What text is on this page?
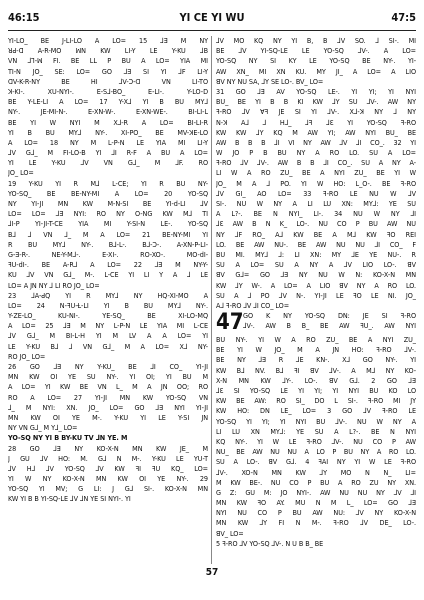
46:15	YI CE YI WU	47:5
YI-LO_ BE J-LI-LO A LO= 15 ⅃Ǝ M NY
ꓤꓒ-ꓷ A-R-MO ꟽN KW LI-Y LE Y-KU ⅃B
VN ⅃Ꞁ-ꟽ FI. BE LL P BU A LO= YIA MI
TI-N JO_ SE: LO= GO ⅃Ǝ SI YI ⅃F LI-Y
ꓷV-K-R-NY BE HI ⅃V-Ɔ-ꓷ VN LI-TO
ꓘ-KI-. XU-NYI-. E-S⅃-BO_ E-LI-. Y-LO-D
BE Y-LE-LI A LO= 17 Y-X⅃ YI B BU MY⅃
NY-. JE-MI-N-. E-XN-W-. E-XN-WE-. BI-LI-L
BE YI W NYI M X⅃-R A LO= BI-LI-R
YI B BU MY⅃ NY-. XI-PO_ BE MV-ꓘE-LO
A LO= 18 NY M L-P-N LE YIA MI LI-Y
⅃V G⅃_ M FI-LO-B YI ⅃I R-F A BU A LO=
YI LE Y-KU ⅃V VN G⅃_ M ⅃F. RO
JO_ LO=
19 Y-KU YI R M⅃ L-CE; YI R BU NY-
YO-SQ_ BE BE-NY-MI A LO= 20 YO-SQ
NY YI-JI MN KW M-N-SI BE YI-d-LI ⅃V
LO= LO= ⅃Ǝ NYI: RO NY O-NG KW M⅃ TI
⅃I-P YI-JI-T-CE YIA MI Y-SI-N LE-. YO-SQ
B⅃ ⅃ VN ⅃_ M A LO= 21 BE-NY-MI YI
R BU MY⅃ NY-. B⅃-L-. B⅃-Ɔ-. A-XN-P-LI-
G-Ǝ-R-. NE-Y-M⅃-. E-XI-. RO-XO-. MO-dI-
ꟻU-dI-. BE A-R⅃ A LO= 22 ⅃Ǝ M NY-Y-
KU ⅃V VN G⅃_ M-. L-CE YI LI Y A ⅃ LE
LO= A JN NY ⅃ LI RO JO_ LO=
23 ⅃A-ꓒQ YI R MY⅃ NY HQ-XI-MO A
LO= 24 N-ꟻU-Ɫ-LI YI B BU MY⅃ NY-.
Y-ZE-LO_ KU-NI-. YE-SQ_ BE XI-LO-MQ
A LO= 25 ⅃Ǝ M NY L-P-N LE YIA MI L-CE
⅃V G⅃_ M BI-L-H YI M LV A A LO= YI
LE Y-KU B⅃ ⅃ VN G⅃_ M A LO= X⅃ NY-
RO JO_ LO=
26 GO ⅃Ǝ NY Y-KU_ BE ⅃I CO_ YI-JI
MN KW OI YE SU NY-. YI OI; YI BU M
A LO= YI KW BE VN L_ M A JN OO; RO
RO A LO= 27 YI-JI MN KW YO-SQ VN
⅃_ M NYI: XN. JO_ LO= GO ⅃Ǝ NYI YI-JI
MN KW OI YE M-. Y-KU YI LE Y-SI JN
NY VN G⅃_ M Y⅃_ LO=
YO-SQ NY YI B BY-KU TV ⅃N YE. M
28 GO ⅃Ǝ NY KO-X-N MN KW JE_ M
J GU ⅃V HO: M. G⅃ N M-. Y-KU LE YU-T
⅃V H⅃ ⅃V YO-SQ ⅃V KW ꟻI ꟻU KQ_ LO=
YI W NY KO-X-N MN KW OI YE NY-. 29
YO-SQ YI MV; G LI: J G⅃ SI-. KO-X-N MN
KW YI B B YI-SQ-LE ⅃V ⅃N YE SI NYI-. YI
⅃V MO KQ NY YI B, B ⅃V SO. ⅃ SI-. MI
BE ⅃V YI-SQ-LE LE YO-SQ ⅃V-. A LO=
YO-SQ NY SI KY LE YO-SQ BE NY-. YI-
AW XN_ MI XN KU. MY JI_ A LO= A LIO
ꓭV NY NU SA, ⅃Y SE LO-. BV_ LO=
31 GO ⅃Ǝ AV YO-SQ LE-. YI YI; YI NYI
BU_ BE YI B B KI KW ⅃Y SU ⅃V-. AW NY
ꟻ-RO ⅃V Ɐꟻ JE SI YI ⅃V-. X⅃-ꓘ NY ⅃ NY
N-ꓘ A⅃ ⅃ H⅃_ ⅃ꟻ ⅃Ɛ YI YO-SQ ꟻ-RO
KW KW ⅃Y KQ M AW YI; AW NYI BU_ BE
AW B B B ⅃I VI NY AW ⅃V ⅃I CO_. 32 YI
W JO P B BU NY A RO LO. SU A LO=
ꟻ-RO ⅃V ⅃V-. AW B B ⅃I CO_. SU A NY A-
LI W A RO ZU_ BE A NYI ZU_ BE YI W
JO_ M A ⅃ PO. YI W HO: L_O-. BE ꟻ-RO
⅃V GI_ AO LO= 33 ꟻ-RO LE NU W ⅃V
SI-. NU W NY A LI LU XN: MY⅃: YE SU
A L?-. BE N NYI_ LI-. 34 NU W NY ⅃I
⅃Ɛ AW B N K_ LO-. NU CO P BU AW NU
NY ⅃F RO_ A⅃ KW BE A M⅃ KW ꟻO REI
LO. BE AW NU-. BE AW NU NU ⅃I CO_ F
BU MI. MY⅃ ⅃: LI XN: MY ⅃E YE NU-. R
SU A LO= SU A NY A ⅃V LIO LO-. ꓭV
ꓭV G⅃= GO ⅃Ǝ NY NU W N: KO-X-N MN
KW ⅃Y W-. A LO= A LIO ꓭV NY A RO LO.
SU A ⅃ PO ⅃V N-. YI-JI LE ꟻO LE NI. JO_
A⅃ ꟻ-RO ⅃V ⅃I CO_ LO=
47 GO K NY YO-SQ DN: JE SI ꟻ-RO
⅃V-. AW B B_ BE AW ꟻU_. AW NYI
BU NY-. YI W A RO ZU_ BE A NYI ZU_
BE YI W JO_ M A JN HO: ꟻ-RO ⅃V-.
BE NY ⅃Ǝ R ⅃E KN-. X⅃ GO NY-. YI
KW B⅃ NV. B⅃ ꟻI ꓭV ⅃V-. A M⅃ NY KO-
X-N MN KW ⅃Y-. LO-. ꓭV G⅃. 2 GO ⅃Ǝ
⅃Ɛ SI YO-SQ LE YI YI; YI NYI BU KO LO
KW BE AW: RO SI_ DO L SI-. ꟻ-RO MI JY
KW HO: DN LE_ LO= 3 GO ⅃V ꟻ-RO LE
YO-SQ YI YI; YI NYI BU ⅃V-. NU W NY A
LI LU XN MY⅃: YE SU A L?-. BE N NYI
KQ NY-. YI W LE ꟻ-RO ⅃V-. NU CO P AW
NU_ BE AW NU NU A LO P BU NY A RO LO.
SU A LO-. ꓭV G⅃. 4 ꟻAI NY YI W LE ꟻ-RO
⅃V-. XO-N MN KW ⅃Y MO N N_ LI=
M KW BE-. NU CO P BU A RO ZU NY XN.
G Z: GU M: JO NYI-. AW NU NU NY ⅃V ⅃I
MN KW ꟻO AY. MU N M L_ LO= GO ⅃Ǝ
NYI NU CO P BU AW NU: ⅃V NY KO-X-N
MN KW ⅃Y FI N M-. ꟻ-RO ⅃V DE_ LO-.
ꓭV_ LO=
5 ꟻ-RO ⅃V YO-SQ ⅃V-. N U B B_ BE
57
